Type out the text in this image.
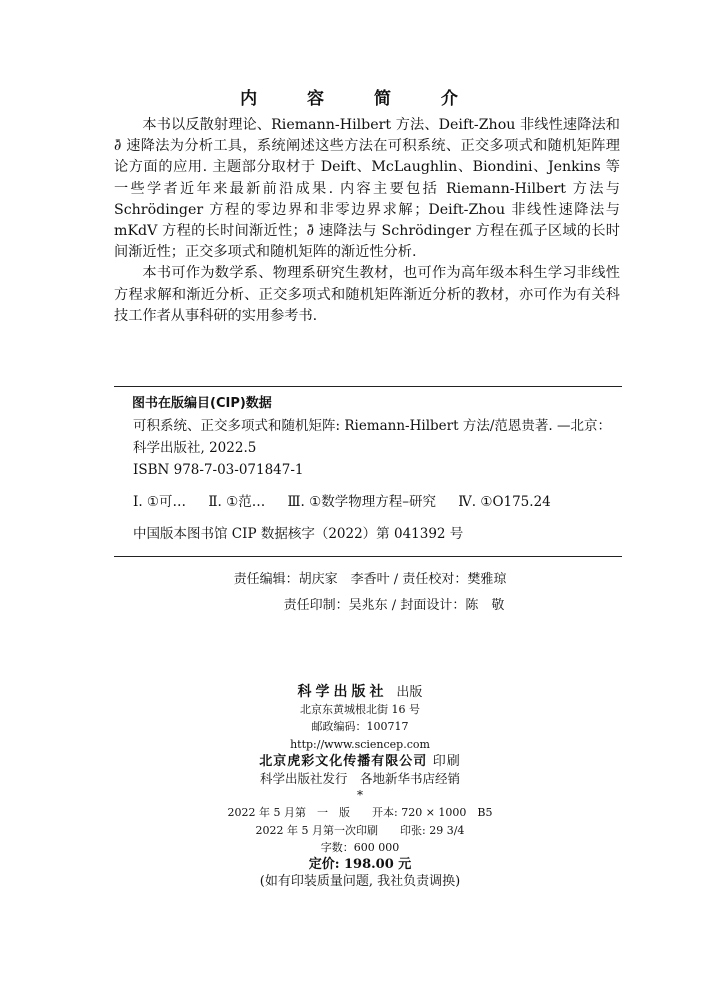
内 容 简 介

本书以反散射理论、Riemann-Hilbert 方法、Deift-Zhou 非线性速降法和 ∂̄ 速降法为分析工具，系统阐述这些方法在可积系统、正交多项式和随机矩阵理论方面的应用. 主题部分取材于 Deift、McLaughlin、Biondini、Jenkins 等一些学者近年来最新前沿成果. 内容主要包括 Riemann-Hilbert 方法与 Schrödinger 方程的零边界和非零边界求解；Deift-Zhou 非线性速降法与 mKdV 方程的长时间渐近性；∂̄ 速降法与 Schrödinger 方程在孤子区域的长时间渐近性；正交多项式和随机矩阵的渐近性分析.

本书可作为数学系、物理系研究生教材，也可作为高年级本科生学习非线性方程求解和渐近分析、正交多项式和随机矩阵渐近分析的教材，亦可作为有关科技工作者从事科研的实用参考书.

图书在版编目(CIP)数据
可积系统、正交多项式和随机矩阵: Riemann-Hilbert 方法/范恩贵著. —北京：
科学出版社, 2022.5
ISBN 978-7-03-071847-1
Ⅰ. ①可… Ⅱ. ①范… Ⅲ. ①数学物理方程–研究 Ⅳ. ①O175.24
中国版本图书馆 CIP 数据核字（2022）第 041392 号
责任编辑：胡庆家　李香叶 / 责任校对：樊雅琼
责任印制：吴兆东 / 封面设计：陈　敬
科学出版社 出版
北京东黄城根北街 16 号
邮政编码：100717
http://www.sciencep.com
北京虎彩文化传播有限公司 印刷
科学出版社发行　各地新华书店经销
*
2022 年 5 月第　一　版 开本: 720 × 1000　B5
2022 年 5 月第一次印刷 印张: 29 3/4
字数：600 000
定价: 198.00 元
(如有印装质量问题, 我社负责调换)
